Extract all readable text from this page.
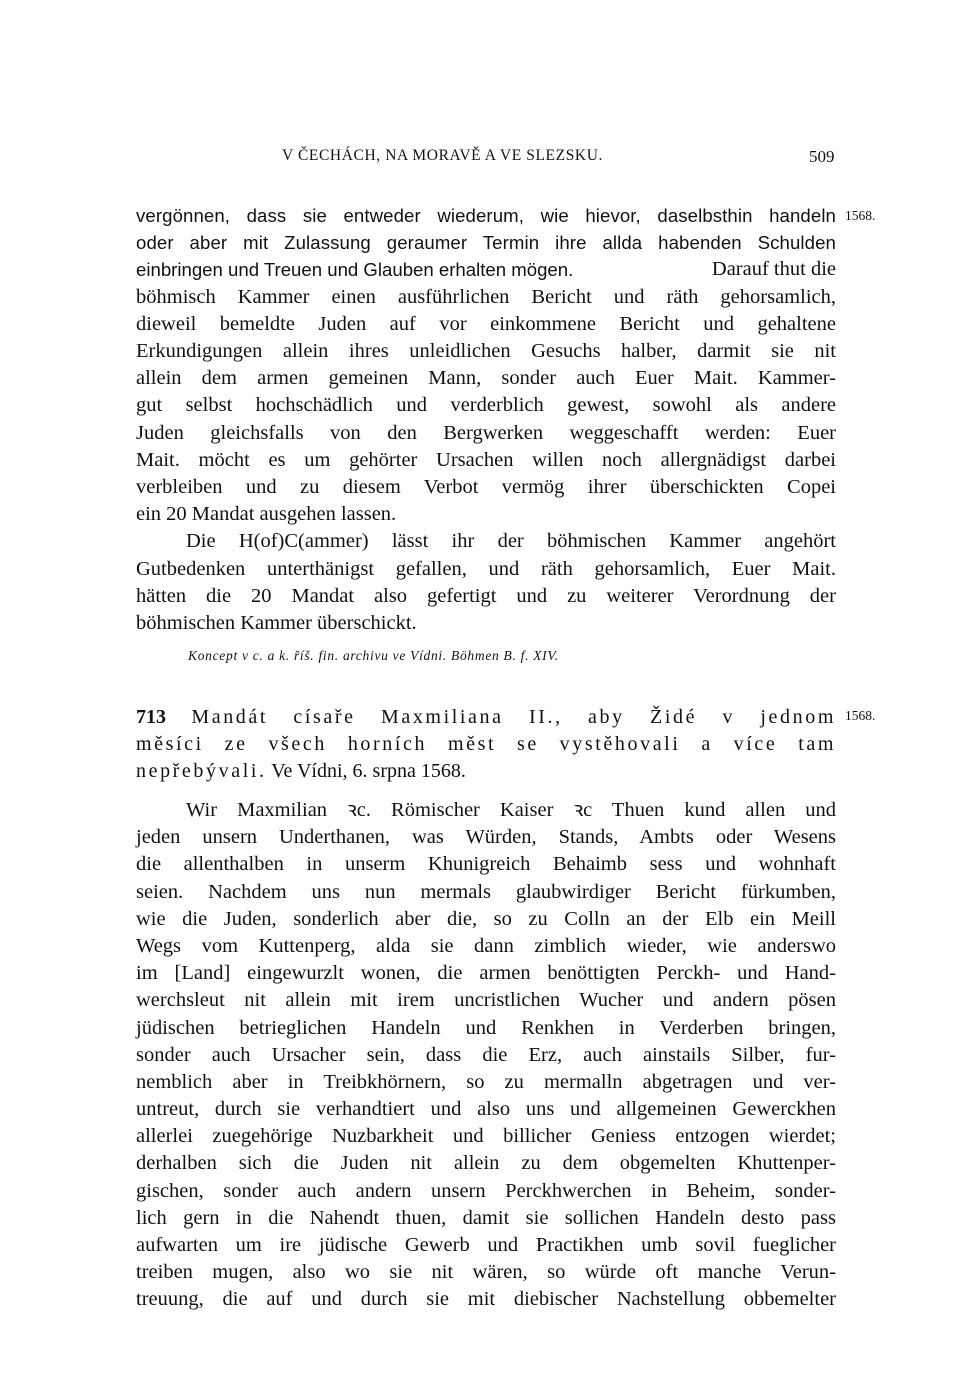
V ČECHÁCH, NA MORAVĚ A VE SLEZSKU.	509
1568.
1568.
vergönnen, dass sie entweder wiederum, wie hievor, daselbsthin handeln
oder aber mit Zulassung geraumer Termin ihre allda habenden Schulden
einbringen und Treuen und Glauben erhalten mögen.	Darauf thut die
böhmisch Kammer einen ausführlichen Bericht und räth gehorsamlich,
dieweil bemeldte Juden auf vor einkommene Bericht und gehaltene
Erkundigungen allein ihres unleidlichen Gesuchs halber, darmit sie nit
allein dem armen gemeinen Mann, sonder auch Euer Mait. Kammer-
gut selbst hochschädlich und verderblich gewest, sowohl als andere
Juden gleichsfalls von den Bergwerken weggeschafft werden: Euer
Mait. möcht es um gehörter Ursachen willen noch allergnädigst darbei
verbleiben und zu diesem Verbot vermög ihrer überschickten Copei
ein 20 Mandat ausgehen lassen.
Die H(of)C(ammer) lässt ihr der böhmischen Kammer angehört
Gutbedenken unterthänigst gefallen, und räth gehorsamlich, Euer Mait.
hätten die 20 Mandat also gefertigt und zu weiterer Verordnung der
böhmischen Kammer überschickt.
Koncept v c. a k. říš. fin. archivu ve Vídni. Böhmen B. f. XIV.
713 Mandát císaře Maxmiliana II., aby Židé v jednom
měsíci ze všech horních měst se vystěhovali a více tam
nepřebývali. Ve Vídni, 6. srpna 1568.
Wir Maxmilian ꝛc. Römischer Kaiser ꝛc Thuen kund allen und
jeden unsern Underthanen, was Würden, Stands, Ambts oder Wesens
die allenthalben in unserm Khunigreich Behaimb sess und wohnhaft
seien. Nachdem uns nun mermals glaubwirdiger Bericht fürkumben,
wie die Juden, sonderlich aber die, so zu Colln an der Elb ein Meill
Wegs vom Kuttenperg, alda sie dann zimblich wieder, wie anderswo
im [Land] eingewurzlt wonen, die armen benöttigten Perckh- und Hand-
werchsleut nit allein mit irem uncristlichen Wucher und andern pösen
jüdischen betrieglichen Handeln und Renkhen in Verderben bringen,
sonder auch Ursacher sein, dass die Erz, auch ainstails Silber, fur-
nemblich aber in Treibkhörnern, so zu mermalln abgetragen und ver-
untreut, durch sie verhandtiert und also uns und allgemeinen Gewerckhen
allerlei zuegehörige Nuzbarkheit und billicher Geniess entzogen wierdet;
derhalben sich die Juden nit allein zu dem obgemelten Khuttenper-
gischen, sonder auch andern unsern Perckhwerchen in Beheim, sonder-
lich gern in die Nahendt thuen, damit sie sollichen Handeln desto pass
aufwarten um ire jüdische Gewerb und Practikhen umb sovil fueglicher
treiben mugen, also wo sie nit wären, so würde oft manche Verun-
treuung, die auf und durch sie mit diebischer Nachstellung obbemelter
